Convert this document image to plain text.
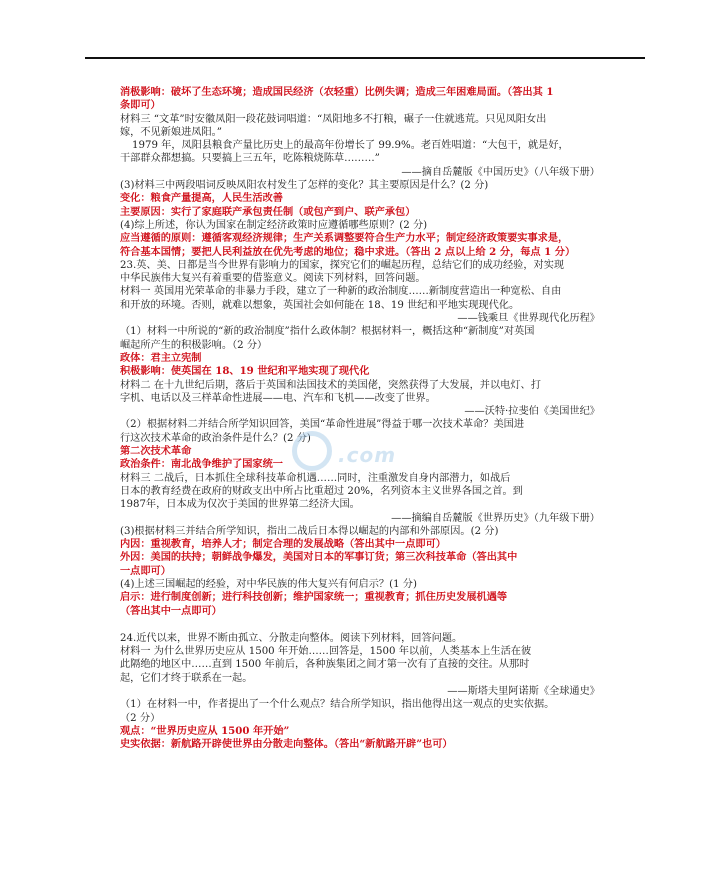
消极影响：破坏了生态环境；造成国民经济（农轻重）比例失调；造成三年困难局面。（答出其 1
条即可）
材料三 “文革”时安徽凤阳一段花鼓词唱道：“凤阳地多不打粮，碾子一住就逃荒。只见凤阳女出
嫁，不见新娘进凤阳。”
1979 年，凤阳县粮食产量比历史上的最高年份增长了 99.9%。老百姓唱道：“大包干，就是好，
干部群众都想搞。只要搞上三五年，吃陈粮烧陈草………”
——摘自岳麓版《中国历史》（八年级下册）
(3)材料三中两段唱词反映凤阳农村发生了怎样的变化？其主要原因是什么？(2 分)
变化：粮食产量提高，人民生活改善
主要原因：实行了家庭联产承包责任制（或包产到户、联产承包）
(4)综上所述，你认为国家在制定经济政策时应遵循哪些原则？(2 分)
应当遵循的原则：遵循客观经济规律；生产关系调整要符合生产力水平；制定经济政策要实事求是，
符合基本国情；要把人民利益放在优先考虑的地位；稳中求进。（答出 2 点以上给 2 分，每点 1 分）
23.英、美、日都是当今世界有影响力的国家，探究它们的崛起历程，总结它们的成功经验，对实现
中华民族伟大复兴有着重要的借鉴意义。阅读下列材料，回答问题。
材料一 英国用光荣革命的非暴力手段，建立了一种新的政治制度……新制度营造出一种宽松、自由
和开放的环境。否则，就难以想象，英国社会如何能在 18、19 世纪和平地实现现代化。
——钱乘旦《世界现代化历程》
（1）材料一中所说的“新的政治制度”指什么政体制？根据材料一，概括这种“新制度”对英国
崛起所产生的积极影响。（2 分）
政体：君主立宪制
积极影响：使英国在 18、19 世纪和平地实现了现代化
材料二 在十九世纪后期，落后于英国和法国技术的美国佬，突然获得了大发展，并以电灯、打
字机、电话以及三样革命性进展——电、汽车和飞机——改变了世界。
——沃特·拉斐伯《美国世纪》
（2）根据材料二并结合所学知识回答，美国“革命性进展”得益于哪一次技术革命？美国进
行这次技术革命的政治条件是什么？(2 分)
第二次技术革命
政治条件：南北战争维护了国家统一
材料三 二战后，日本抓住全球科技革命机遇……同时，注重激发自身内部潜力，如战后
日本的教育经费在政府的财政支出中所占比重超过 20%，名列资本主义世界各国之首。到
1987年，日本成为仅次于美国的世界第二经济大国。
——摘编自岳麓版《世界历史》（九年级下册）
(3)根据材料三并结合所学知识，指出二战后日本得以崛起的内部和外部原因。(2 分)
内因：重视教育，培养人才；制定合理的发展战略（答出其中一点即可）
外因：美国的扶持；朝鲜战争爆发，美国对日本的军事订货；第三次科技革命（答出其中
一点即可）
(4)上述三国崛起的经验，对中华民族的伟大复兴有何启示？(1 分)
启示：进行制度创新；进行科技创新；维护国家统一；重视教育；抓住历史发展机遇等
（答出其中一点即可）
24.近代以来，世界不断由孤立、分散走向整体。阅读下列材料，回答问题。
材料一 为什么世界历史应从 1500 年开始……回答是，1500 年以前，人类基本上生活在彼
此隔绝的地区中……直到 1500 年前后，各种族集团之间才第一次有了直接的交往。从那时
起，它们才终于联系在一起。
——斯塔夫里阿诺斯《全球通史》
（1）在材料一中，作者提出了一个什么观点？结合所学知识，指出他得出这一观点的史实依据。
（2 分）
观点：“世界历史应从 1500 年开始”
史实依据：新航路开辟使世界由分散走向整体。（答出“新航路开辟”也可）
.com
